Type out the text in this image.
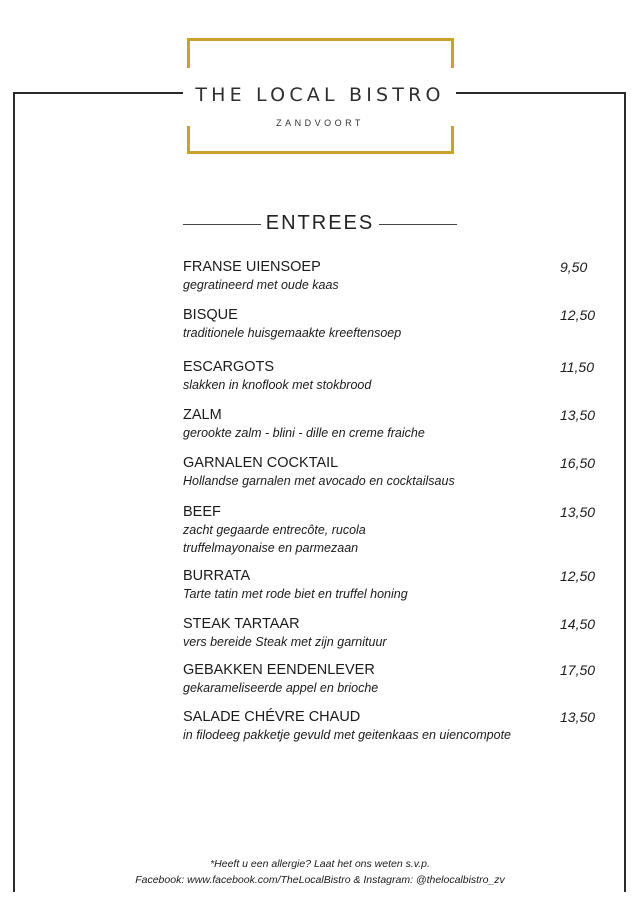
THE LOCAL BISTRO
ZANDVOORT
ENTREES
FRANSE UIENSOEP
gegratineerd met oude kaas
9,50
BISQUE
traditionele huisgemaakte kreeftensoep
12,50
ESCARGOTS
slakken in knoflook met stokbrood
11,50
ZALM
gerookte zalm - blini - dille en creme fraiche
13,50
GARNALEN COCKTAIL
Hollandse garnalen met avocado en cocktailsaus
16,50
BEEF
zacht gegaarde entrecôte, rucola
truffelmayonaise en parmezaan
13,50
BURRATA
Tarte tatin met rode biet en truffel honing
12,50
STEAK TARTAAR
vers bereide Steak met zijn garnituur
14,50
GEBAKKEN EENDENLEVER
gekarameliseerde appel en brioche
17,50
SALADE CHÉVRE CHAUD
in filodeeg pakketje gevuld met geitenkaas en uiencompote
13,50
*Heeft u een allergie? Laat het ons weten s.v.p.
Facebook: www.facebook.com/TheLocalBistro & Instagram: @thelocalbistro_zv
